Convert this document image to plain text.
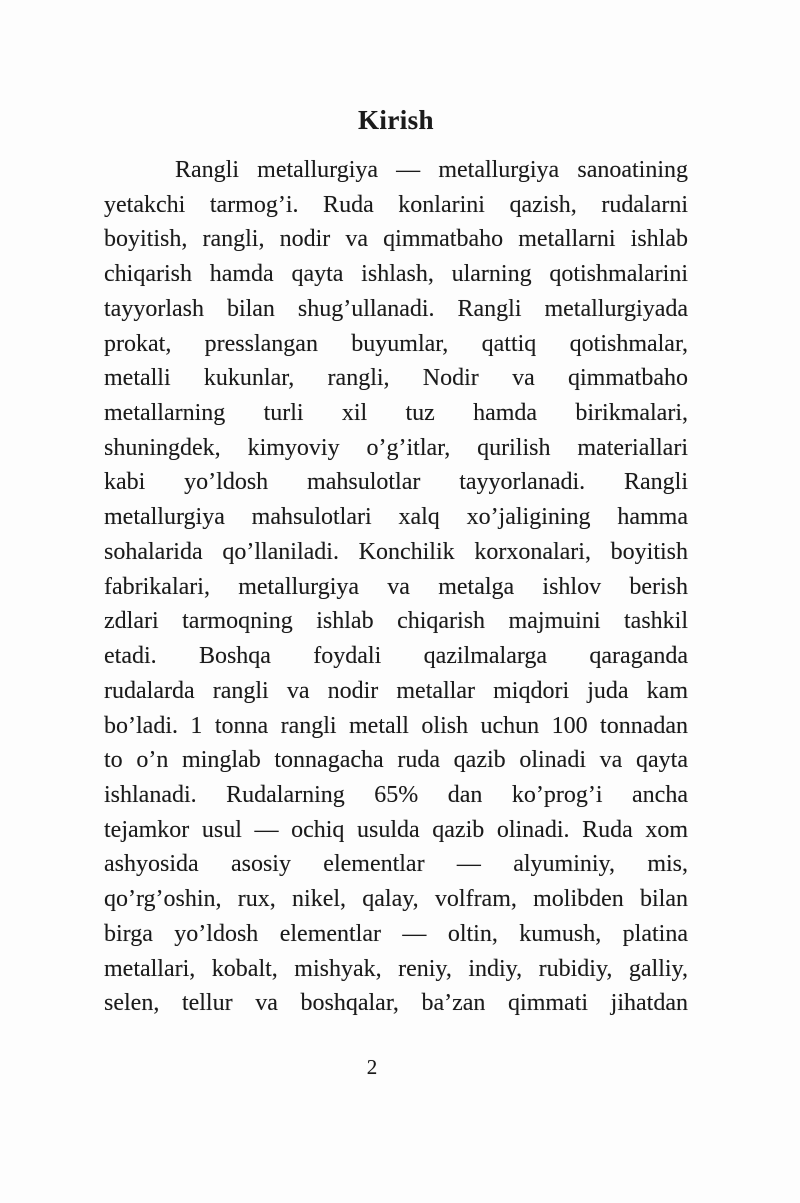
Kirish
Rangli metallurgiya — metallurgiya sanoatining
yetakchi tarmog’i. Ruda konlarini qazish, rudalarni
boyitish, rangli, nodir va qimmatbaho metallarni ishlab
chiqarish hamda qayta ishlash, ularning qotishmalarini
tayyorlash bilan shug’ullanadi. Rangli metallurgiyada
prokat, presslangan buyumlar, qattiq qotishmalar,
metalli kukunlar, rangli, Nodir va qimmatbaho
metallarning turli xil tuz hamda birikmalari,
shuningdek, kimyoviy o’g’itlar, qurilish materiallari
kabi yo’ldosh mahsulotlar tayyorlanadi. Rangli
metallurgiya mahsulotlari xalq xo’jaligining hamma
sohalarida qo’llaniladi. Konchilik korxonalari, boyitish
fabrikalari, metallurgiya va metalga ishlov berish
zdlari tarmoqning ishlab chiqarish majmuini tashkil
etadi. Boshqa foydali qazilmalarga qaraganda
rudalarda rangli va nodir metallar miqdori juda kam
bo’ladi. 1 tonna rangli metall olish uchun 100 tonnadan
to o’n minglab tonnagacha ruda qazib olinadi va qayta
ishlanadi. Rudalarning 65% dan ko’prog’i ancha
tejamkor usul — ochiq usulda qazib olinadi. Ruda xom
ashyosida asosiy elementlar — alyuminiy, mis,
qo’rg’oshin, rux, nikel, qalay, volfram, molibden bilan
birga yo’ldosh elementlar — oltin, kumush, platina
metallari, kobalt, mishyak, reniy, indiy, rubidiy, galliy,
selen, tellur va boshqalar, ba’zan qimmati jihatdan
2
